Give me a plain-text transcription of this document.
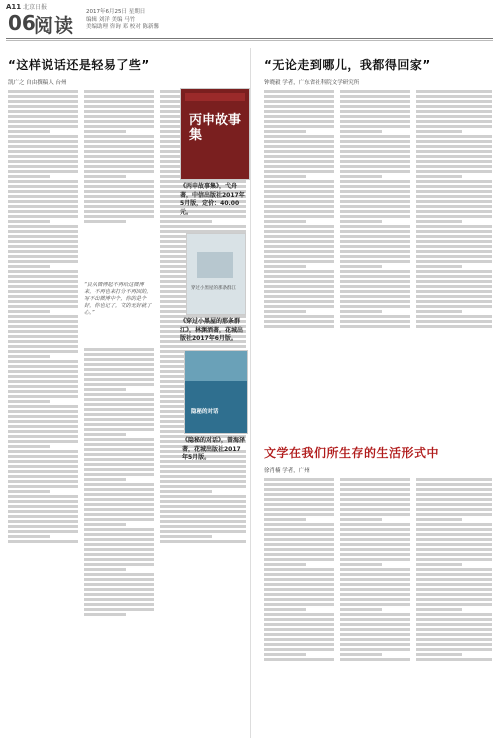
A11 北京日报
06
阅读
2017年6月25日 星期日
编辑 刘洋 美编 马竹
美编助理 咨询 邓 校对 陈新馨
“这样说话还是轻易了些”
凯广之 自由撰稿人 台州
“良从微博起不再给这微博来，不再也来打分不再因的，写不出微博中个，你的是个好，你也记了，文的无好就了心。”
丙申故事集
《丙申故事集》，弋舟著，中信出版社2017年5月版，定价：40.00元。
穿过小黑屋的那条群江
《穿过小黑屋的那条群江》，林渊洒著，花城出版社2017年6月版。
隐秘的对话
《隐秘的对话》，曾海泽著，花城出版社2017年5月版。
“无论走到哪儿，我都得回家”
钟晓毅 学者，广东省社科院文学研究所
文学在我们所生存的生活形式中
徐肖楠 学者，广州
